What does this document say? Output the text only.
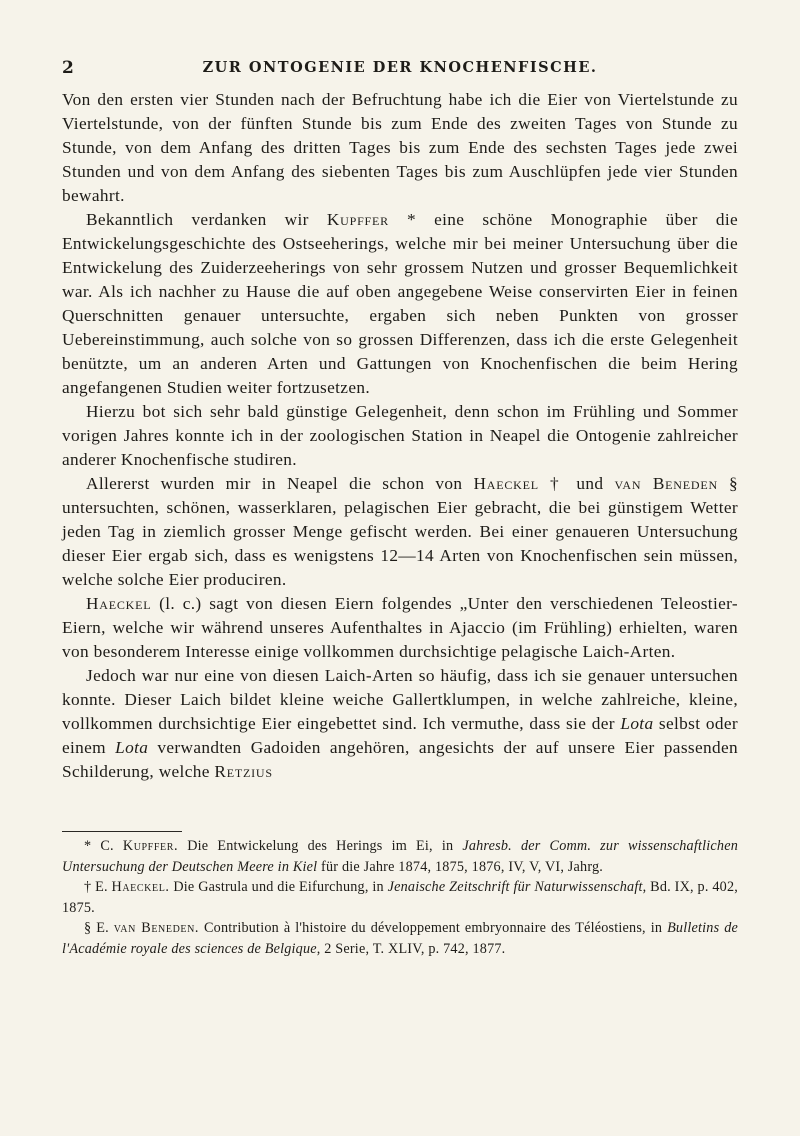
2	ZUR ONTOGENIE DER KNOCHENFISCHE.

Von den ersten vier Stunden nach der Befruchtung habe ich die Eier von Viertelstunde zu Viertelstunde, von der fünften Stunde bis zum Ende des zweiten Tages von Stunde zu Stunde, von dem Anfang des dritten Tages bis zum Ende des sechsten Tages jede zwei Stunden und von dem Anfang des siebenten Tages bis zum Auschlüpfen jede vier Stunden bewahrt.

Bekanntlich verdanken wir Kupffer * eine schöne Monographie über die Entwickelungsgeschichte des Ostseeherings, welche mir bei meiner Untersuchung über die Entwickelung des Zuiderzeeherings von sehr grossem Nutzen und grosser Bequemlichkeit war. Als ich nachher zu Hause die auf oben angegebene Weise conservirten Eier in feinen Querschnitten genauer untersuchte, ergaben sich neben Punkten von grosser Uebereinstimmung, auch solche von so grossen Differenzen, dass ich die erste Gelegenheit benützte, um an anderen Arten und Gattungen von Knochenfischen die beim Hering angefangenen Studien weiter fortzusetzen.

Hierzu bot sich sehr bald günstige Gelegenheit, denn schon im Frühling und Sommer vorigen Jahres konnte ich in der zoologischen Station in Neapel die Ontogenie zahlreicher anderer Knochenfische studiren.

Allererst wurden mir in Neapel die schon von Haeckel † und van Beneden § untersuchten, schönen, wasserklaren, pelagischen Eier gebracht, die bei günstigem Wetter jeden Tag in ziemlich grosser Menge gefischt werden. Bei einer genaueren Untersuchung dieser Eier ergab sich, dass es wenigstens 12—14 Arten von Knochenfischen sein müssen, welche solche Eier produciren.

Haeckel (l. c.) sagt von diesen Eiern folgendes „Unter den verschiedenen Teleostier-Eiern, welche wir während unseres Aufenthaltes in Ajaccio (im Frühling) erhielten, waren von besonderem Interesse einige vollkommen durchsichtige pelagische Laich-Arten.

Jedoch war nur eine von diesen Laich-Arten so häufig, dass ich sie genauer untersuchen konnte. Dieser Laich bildet kleine weiche Gallertklumpen, in welche zahlreiche, kleine, vollkommen durchsichtige Eier eingebettet sind. Ich vermuthe, dass sie der Lota selbst oder einem Lota verwandten Gadoiden angehören, angesichts der auf unsere Eier passenden Schilderung, welche Retzius

* C. Kupffer. Die Entwickelung des Herings im Ei, in Jahresb. der Comm. zur wissenschaftlichen Untersuchung der Deutschen Meere in Kiel für die Jahre 1874, 1875, 1876, IV, V, VI, Jahrg.

† E. Haeckel. Die Gastrula und die Eifurchung, in Jenaische Zeitschrift für Naturwissenschaft, Bd. IX, p. 402, 1875.

§ E. van Beneden. Contribution à l'histoire du développement embryonnaire des Téléostiens, in Bulletins de l'Académie royale des sciences de Belgique, 2 Serie, T. XLIV, p. 742, 1877.
